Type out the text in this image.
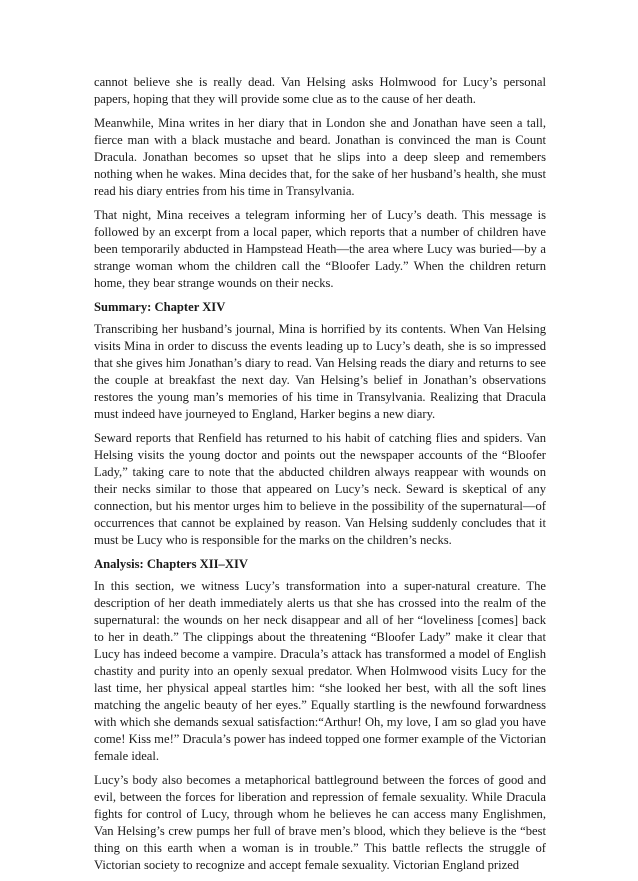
cannot believe she is really dead. Van Helsing asks Holmwood for Lucy’s personal papers, hoping that they will provide some clue as to the cause of her death.

Meanwhile, Mina writes in her diary that in London she and Jonathan have seen a tall, fierce man with a black mustache and beard. Jonathan is convinced the man is Count Dracula. Jonathan becomes so upset that he slips into a deep sleep and remembers nothing when he wakes. Mina decides that, for the sake of her husband’s health, she must read his diary entries from his time in Transylvania.

That night, Mina receives a telegram informing her of Lucy’s death. This message is followed by an excerpt from a local paper, which reports that a number of children have been temporarily abducted in Hampstead Heath—the area where Lucy was buried—by a strange woman whom the children call the “Bloofer Lady.” When the children return home, they bear strange wounds on their necks.

Summary: Chapter XIV

Transcribing her husband’s journal, Mina is horrified by its contents. When Van Helsing visits Mina in order to discuss the events leading up to Lucy’s death, she is so impressed that she gives him Jonathan’s diary to read. Van Helsing reads the diary and returns to see the couple at breakfast the next day. Van Helsing’s belief in Jonathan’s observations restores the young man’s memories of his time in Transylvania. Realizing that Dracula must indeed have journeyed to England, Harker begins a new diary.

Seward reports that Renfield has returned to his habit of catching flies and spiders. Van Helsing visits the young doctor and points out the newspaper accounts of the “Bloofer Lady,” taking care to note that the abducted children always reappear with wounds on their necks similar to those that appeared on Lucy’s neck. Seward is skeptical of any connection, but his mentor urges him to believe in the possibility of the supernatural—of occurrences that cannot be explained by reason. Van Helsing suddenly concludes that it must be Lucy who is responsible for the marks on the children’s necks.

Analysis: Chapters XII–XIV

In this section, we witness Lucy’s transformation into a super-natural creature. The description of her death immediately alerts us that she has crossed into the realm of the supernatural: the wounds on her neck disappear and all of her “loveliness [comes] back to her in death.” The clippings about the threatening “Bloofer Lady” make it clear that Lucy has indeed become a vampire. Dracula’s attack has transformed a model of English chastity and purity into an openly sexual predator. When Holmwood visits Lucy for the last time, her physical appeal startles him: “she looked her best, with all the soft lines matching the angelic beauty of her eyes.” Equally startling is the newfound forwardness with which she demands sexual satisfaction:“Arthur! Oh, my love, I am so glad you have come! Kiss me!” Dracula’s power has indeed topped one former example of the Victorian female ideal.

Lucy’s body also becomes a metaphorical battleground between the forces of good and evil, between the forces for liberation and repression of female sexuality. While Dracula fights for control of Lucy, through whom he believes he can access many Englishmen, Van Helsing’s crew pumps her full of brave men’s blood, which they believe is the “best thing on this earth when a woman is in trouble.” This battle reflects the struggle of Victorian society to recognize and accept female sexuality. Victorian England prized
